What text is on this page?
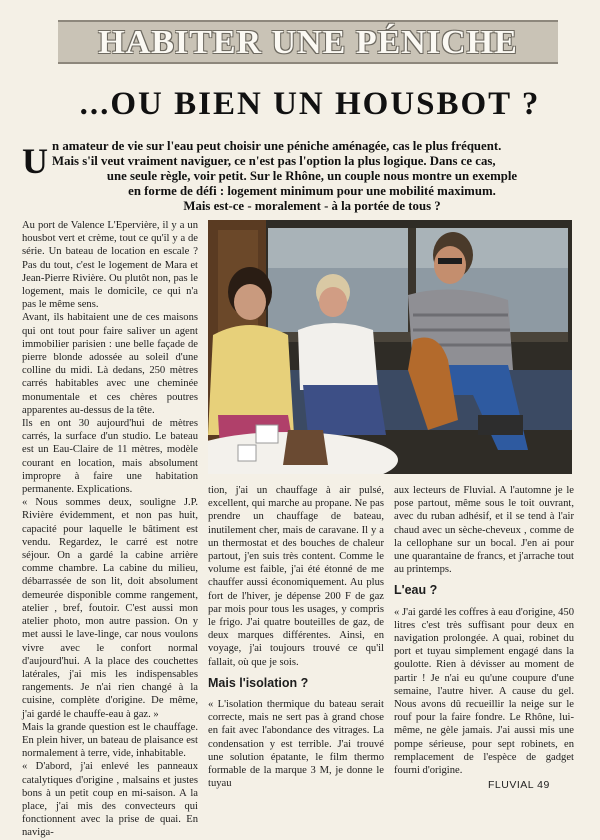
HABITER UNE PÉNICHE
...OU BIEN UN HOUSBOT ?
U n amateur de vie sur l'eau peut choisir une péniche aménagée, cas le plus fréquent.

Mais s'il veut vraiment naviguer, ce n'est pas l'option la plus logique. Dans ce cas,

une seule règle, voir petit. Sur le Rhône, un couple nous montre un exemple

en forme de défi : logement minimum pour une mobilité maximum.

Mais est-ce - moralement - à la portée de tous ?

Au port de Valence L'Epervière, il y a un housbot vert et crème, tout ce qu'il y a de série. Un bateau de location en escale ? Pas du tout, c'est le logement de Mara et Jean-Pierre Rivière. Ou plutôt non, pas le logement, mais le domicile, ce qui n'a pas le même sens.

Avant, ils habitaient une de ces maisons qui ont tout pour faire saliver un agent immobilier parisien : une belle façade de pierre blonde adossée au soleil d'une colline du midi. Là dedans, 250 mètres carrés habitables avec une cheminée monumentale et ces chères poutres apparentes au-dessus de la tête.

Ils en ont 30 aujourd'hui de mètres carrés, la surface d'un studio. Le bateau est un Eau-Claire de 11 mètres, modèle courant en location, mais absolument impropre à faire une habitation permanente. Explications.

« Nous sommes deux, souligne J.P. Rivière évidemment, et non pas huit, capacité pour laquelle le bâtiment est vendu. Regardez, le carré est notre séjour. On a gardé la cabine arrière comme chambre. La cabine du milieu, débarrassée de son lit, doit absolument demeurée disponible comme rangement, atelier , bref, foutoir. C'est aussi mon atelier photo, mon autre passion. On y met aussi le lave-linge, car nous voulons vivre avec le confort normal d'aujourd'hui. A la place des couchettes latérales, j'ai mis les indispensables rangements. Je n'ai rien changé à la cuisine, complète d'origine. De même, j'ai gardé le chauffe-eau à gaz. »

Mais la grande question est le chauffage. En plein hiver, un bateau de plaisance est normalement à terre, vide, inhabitable.

« D'abord, j'ai enlevé les panneaux catalytiques d'origine , malsains et justes bons à un petit coup en mi-saison. A la place, j'ai mis des convecteurs qui fonctionnent avec la prise de quai. En naviga-

tion, j'ai un chauffage à air pulsé, excellent, qui marche au propane. Ne pas prendre un chauffage de bateau, inutilement cher, mais de caravane. Il y a un thermostat et des bouches de chaleur partout, j'en suis très content. Comme le volume est faible, j'ai été étonné de me chauffer aussi économiquement. Au plus fort de l'hiver, je dépense 200 F de gaz par mois pour tous les usages, y compris le frigo. J'ai quatre bouteilles de gaz, de deux marques différentes. Ainsi, en voyage, j'ai toujours trouvé ce qu'il fallait, où que je sois.

Mais l'isolation ?

« L'isolation thermique du bateau serait correcte, mais ne sert pas à grand chose en fait avec l'abondance des vitrages. La condensation y est terrible. J'ai trouvé une solution épatante, le film thermo formable de la marque 3 M, je donne le tuyau

aux lecteurs de Fluvial. A l'automne je le pose partout, même sous le toit ouvrant, avec du ruban adhésif, et il se tend à l'air chaud avec un sèche-cheveux , comme de la cellophane sur un bocal. J'en ai pour une quarantaine de francs, et j'arrache tout au printemps.

L'eau ?

« J'ai gardé les coffres à eau d'origine, 450 litres c'est très suffisant pour deux en navigation prolongée. A quai, robinet du port et tuyau simplement engagé dans la goulotte. Rien à dévisser au moment de partir ! Je n'ai eu qu'une coupure d'une semaine, l'autre hiver. A cause du gel. Nous avons dû recueillir la neige sur le rouf pour la faire fondre. Le Rhône, lui-même, ne gèle jamais. J'ai aussi mis une pompe sérieuse, pour sept robinets, en remplacement de l'espèce de gadget fourni d'origine.

FLUVIAL 49
